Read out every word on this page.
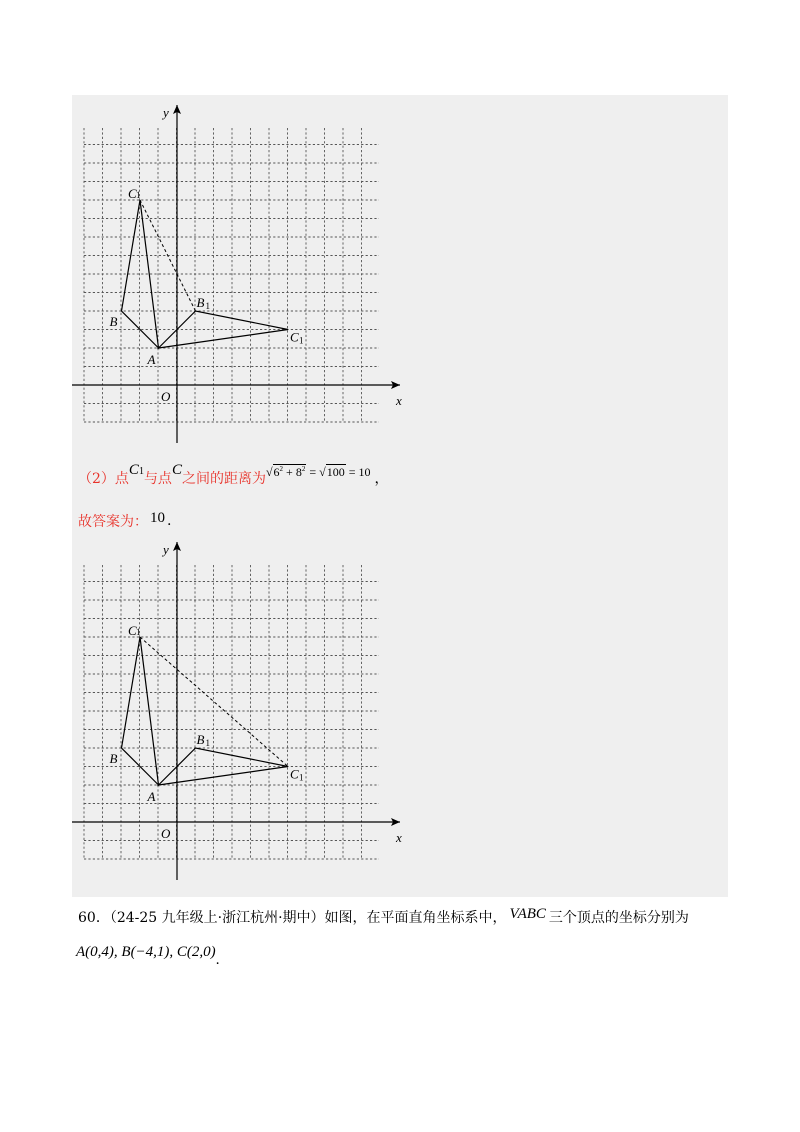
y
x
O
A
B
C 1
B 1
C 1
y
x
O
A
B
C 1
B 1
C 1
（2）点
C1 与点
C
之间的距离为 $√6^2 + 8^2 = √100 = 10$ ，
故答案为： 10 .
60．（24-25 九年级上·浙江杭州·期中）如图，在平面直角坐标系中， VABC 三个顶点的坐标分别为
A(0,4), B(−4,1), C(2,0).
